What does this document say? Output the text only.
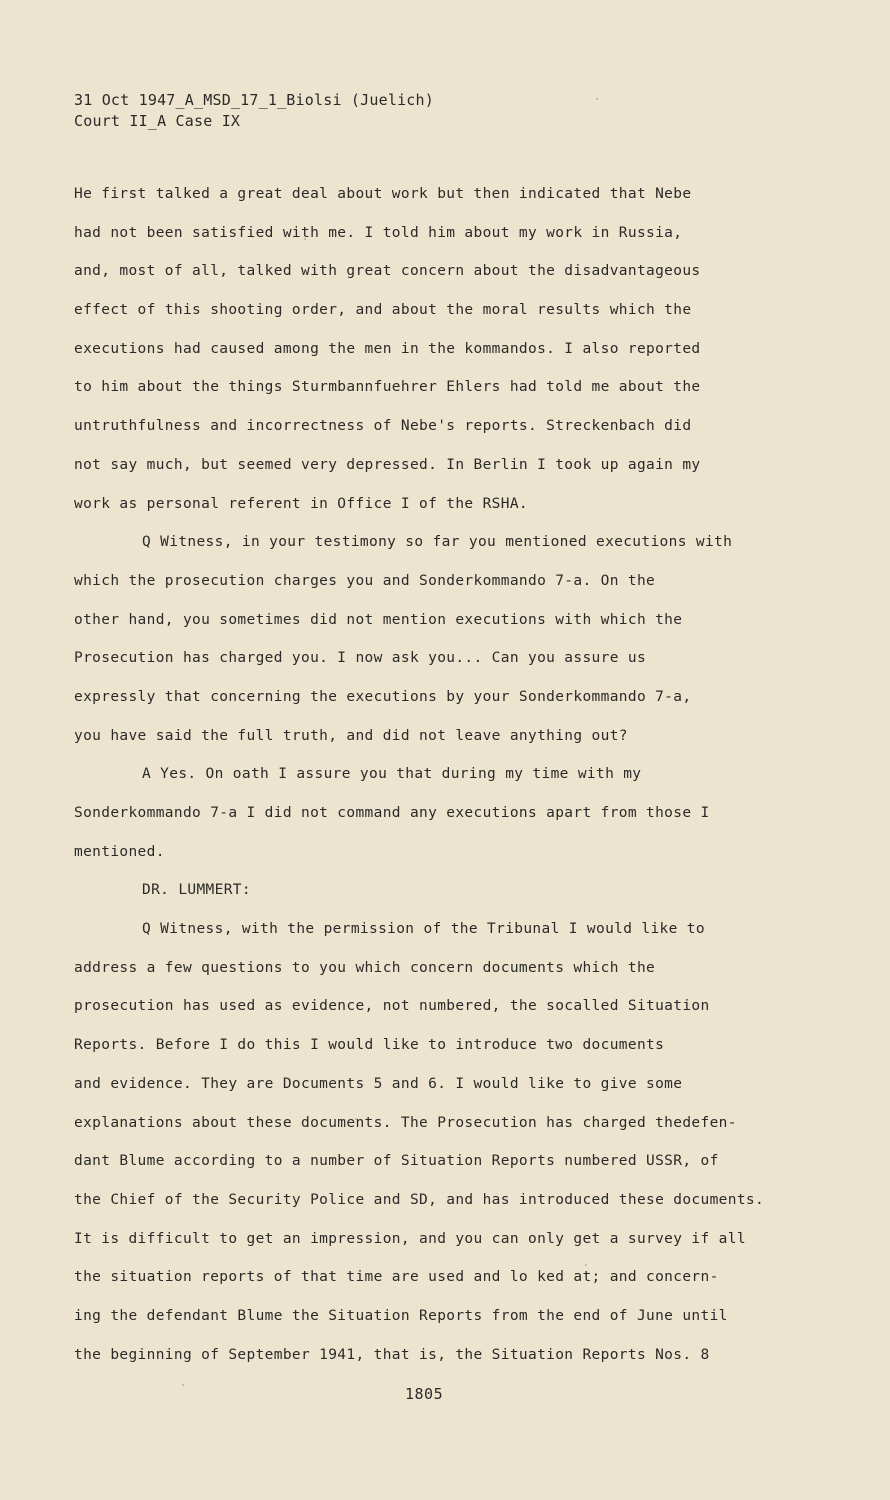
31 Oct 1947_A_MSD_17_1_Biolsi (Juelich)
Court II_A Case IX
He first talked a great deal about work but then indicated that Nebe
had not been satisfied with me. I told him about my work in Russia,
and, most of all, talked with great concern about the disadvantageous
effect of this shooting order, and about the moral results which the
executions had caused among the men in the kommandos. I also reported
to him about the things Sturmbannfuehrer Ehlers had told me about the
untruthfulness and incorrectness of Nebe's reports. Streckenbach did
not say much, but seemed very depressed. In Berlin I took up again my
work as personal referent in Office I of the RSHA.
Q Witness, in your testimony so far you mentioned executions with
which the prosecution charges you and Sonderkommando 7-a. On the
other hand, you sometimes did not mention executions with which the
Prosecution has charged you. I now ask you... Can you assure us
expressly that concerning the executions by your Sonderkommando 7-a,
you have said the full truth, and did not leave anything out?
A Yes. On oath I assure you that during my time with my
Sonderkommando 7-a I did not command any executions apart from those I
mentioned.
DR. LUMMERT:
Q Witness, with the permission of the Tribunal I would like to
address a few questions to you which concern documents which the
prosecution has used as evidence, not numbered, the socalled Situation
Reports. Before I do this I would like to introduce two documents
and evidence. They are Documents 5 and 6. I would like to give some
explanations about these documents. The Prosecution has charged thedefen-
dant Blume according to a number of Situation Reports numbered USSR, of
the Chief of the Security Police and SD, and has introduced these documents.
It is difficult to get an impression, and you can only get a survey if all
the situation reports of that time are used and lo ked at; and concern-
ing the defendant Blume the Situation Reports from the end of June until
the beginning of September 1941, that is, the Situation Reports Nos. 8
1805
